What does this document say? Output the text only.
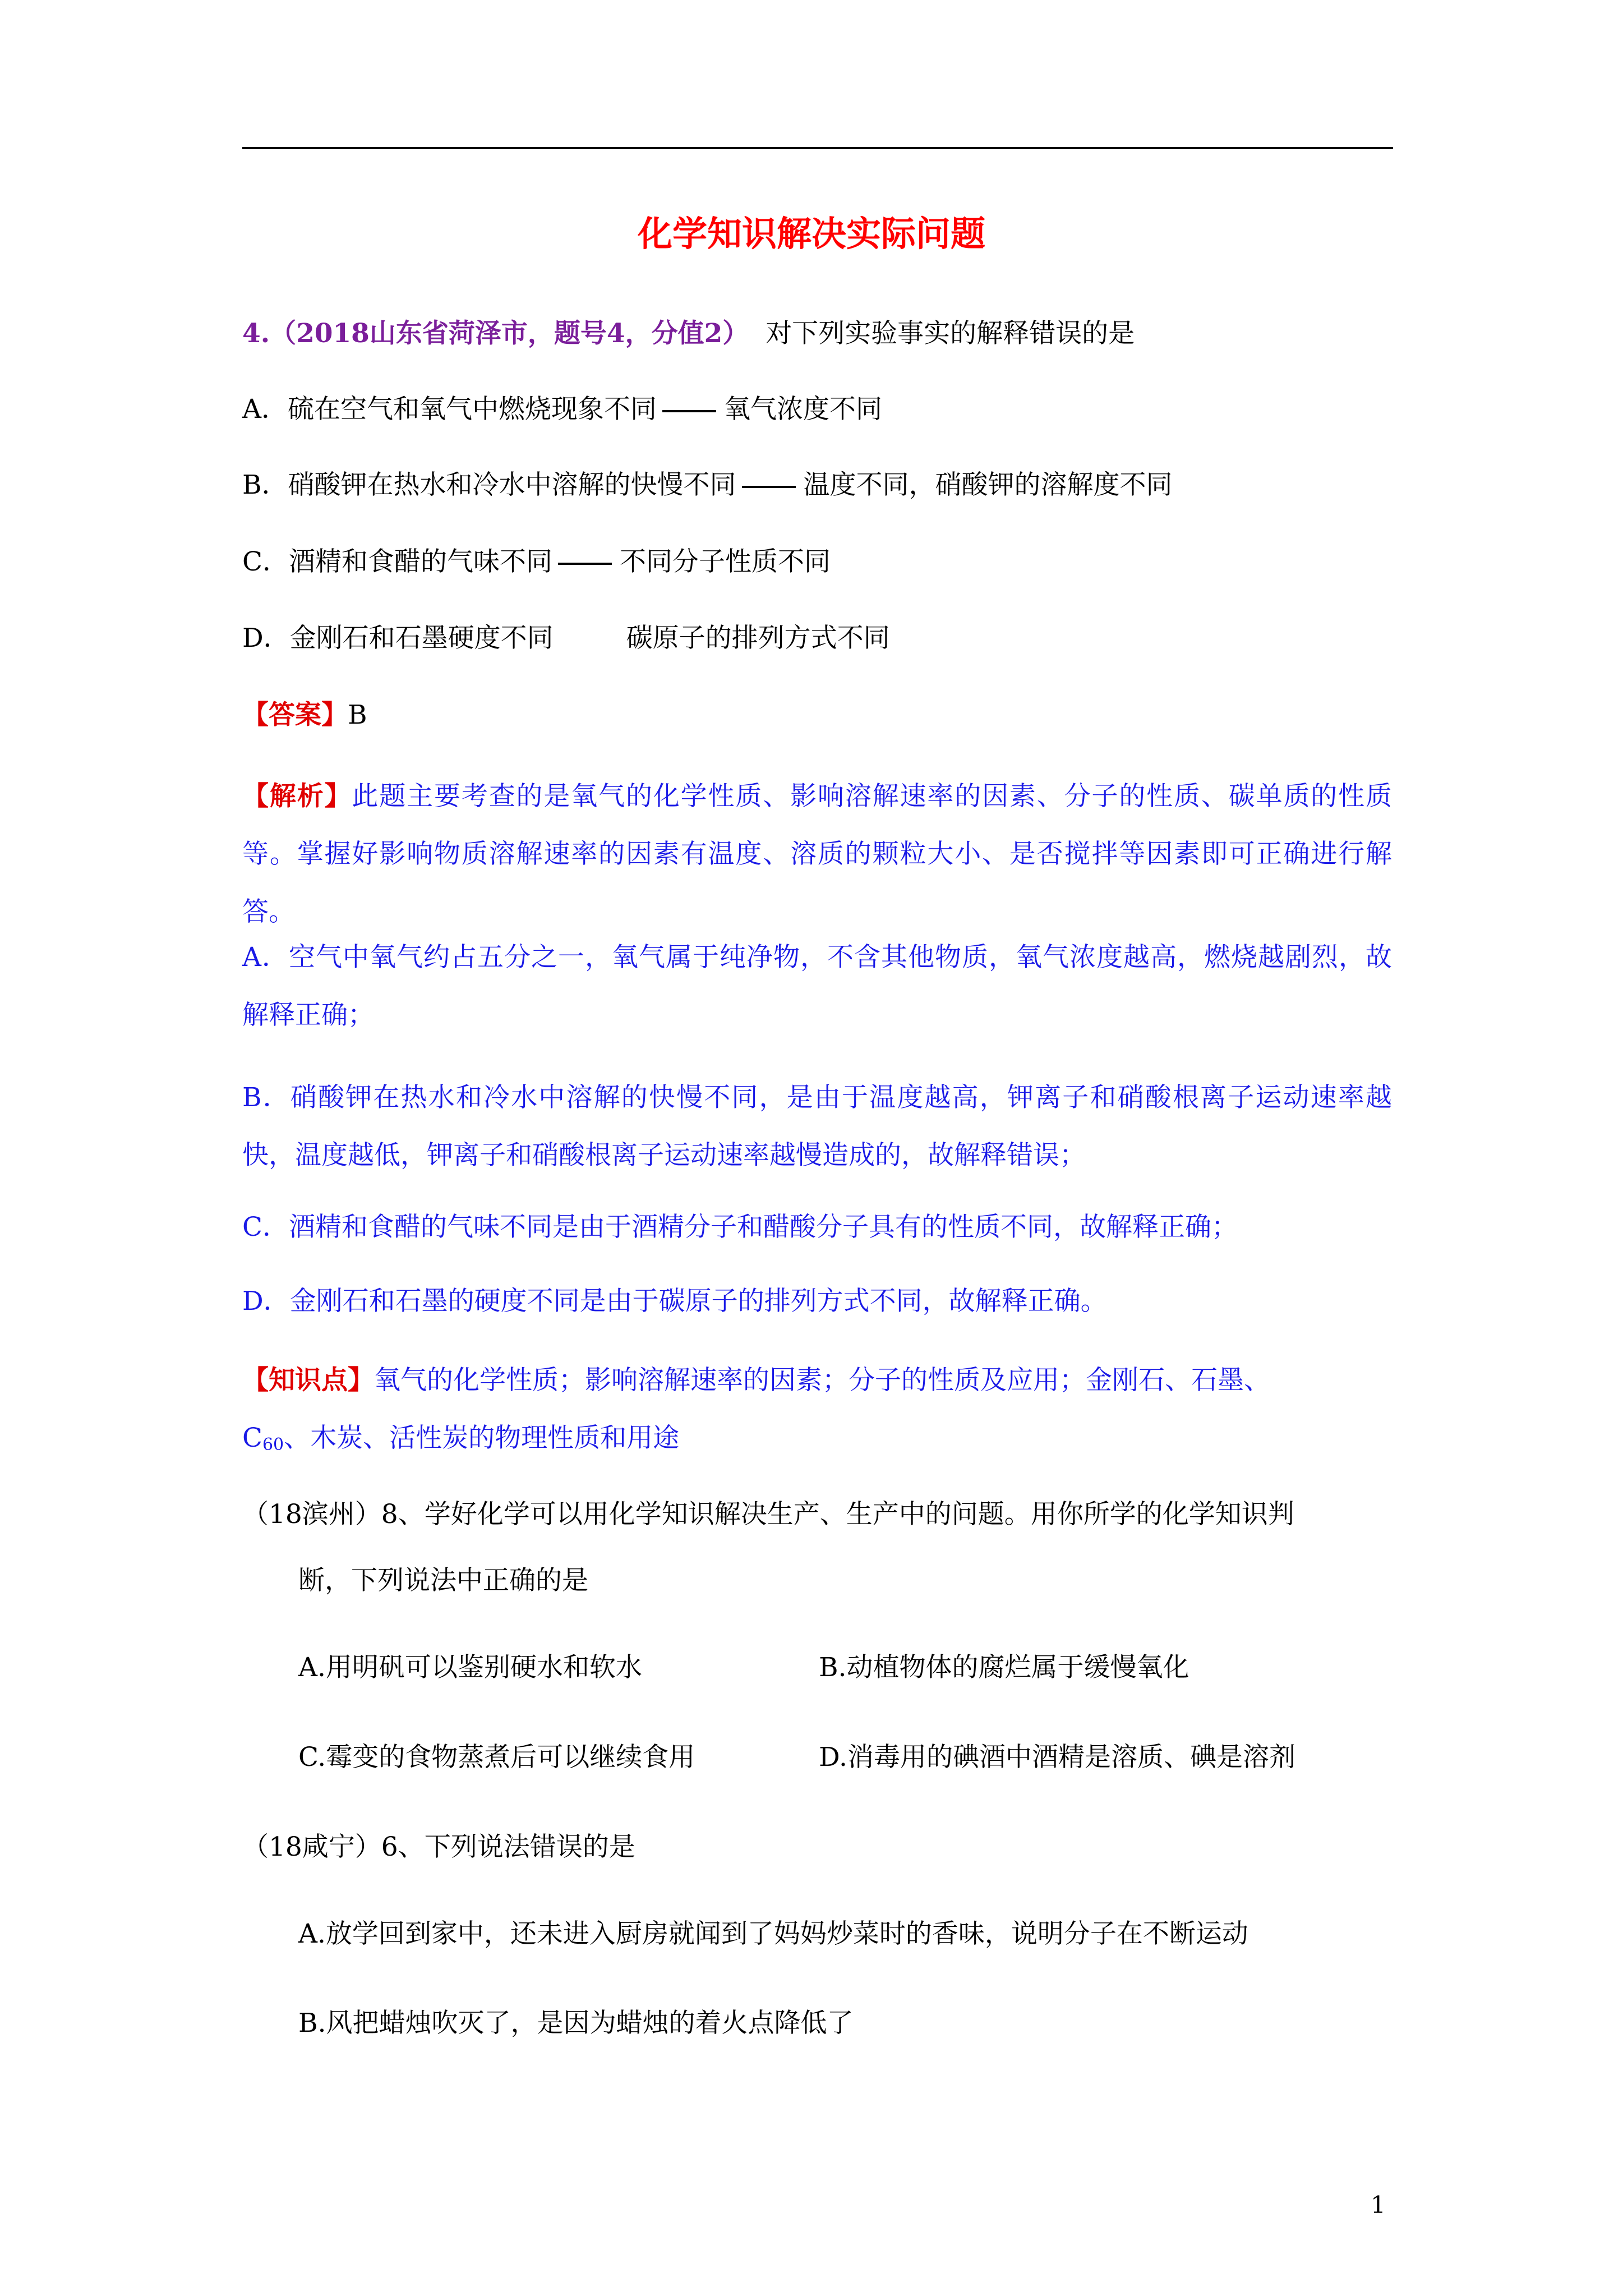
化学知识解决实际问题
4.（2018山东省菏泽市，题号4，分值2） 对下列实验事实的解释错误的是
A．硫在空气和氧气中燃烧现象不同	氧气浓度不同
B．硝酸钾在热水和冷水中溶解的快慢不同	温度不同，硝酸钾的溶解度不同
C．酒精和食醋的气味不同	不同分子性质不同
D．金刚石和石墨硬度不同	碳原子的排列方式不同
【答案】B
【解析】此题主要考查的是氧气的化学性质、影响溶解速率的因素、分子的性质、碳单质的性质等。掌握好影响物质溶解速率的因素有温度、溶质的颗粒大小、是否搅拌等因素即可正确进行解答。
A．空气中氧气约占五分之一，氧气属于纯净物，不含其他物质，氧气浓度越高，燃烧越剧烈，故解释正确；
B．硝酸钾在热水和冷水中溶解的快慢不同，是由于温度越高，钾离子和硝酸根离子运动速率越快，温度越低，钾离子和硝酸根离子运动速率越慢造成的，故解释错误；
C．酒精和食醋的气味不同是由于酒精分子和醋酸分子具有的性质不同，故解释正确；
D．金刚石和石墨的硬度不同是由于碳原子的排列方式不同，故解释正确。
【知识点】氧气的化学性质；影响溶解速率的因素；分子的性质及应用；金刚石、石墨、
$C_{60}$、木炭、活性炭的物理性质和用途
（18滨州）8、学好化学可以用化学知识解决生产、生产中的问题。用你所学的化学知识判
断，下列说法中正确的是
A.用明矾可以鉴别硬水和软水	B.动植物体的腐烂属于缓慢氧化
C.霉变的食物蒸煮后可以继续食用	D.消毒用的碘酒中酒精是溶质、碘是溶剂
（18咸宁）6、下列说法错误的是
A.放学回到家中，还未进入厨房就闻到了妈妈炒菜时的香味，说明分子在不断运动
B.风把蜡烛吹灭了，是因为蜡烛的着火点降低了
1
